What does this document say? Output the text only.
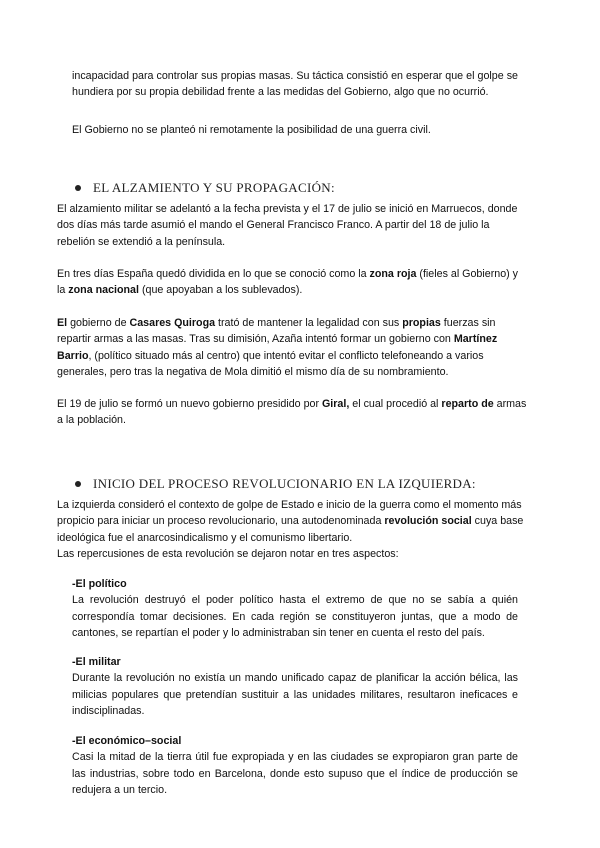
incapacidad para controlar sus propias masas. Su táctica consistió en esperar que el golpe se hundiera por su propia debilidad frente a las medidas del Gobierno, algo que no ocurrió.

El Gobierno no se planteó ni remotamente la posibilidad de una guerra civil.

EL ALZAMIENTO Y SU PROPAGACIÓN:

El alzamiento militar se adelantó a la fecha prevista y el 17 de julio se inició en Marruecos, donde dos días más tarde asumió el mando el General Francisco Franco. A partir del 18 de julio la rebelión se extendió a la península.

En tres días España quedó dividida en lo que se conoció como la zona roja (fieles al Gobierno) y la zona nacional (que apoyaban a los sublevados).

El gobierno de Casares Quiroga trató de mantener la legalidad con sus propias fuerzas sin repartir armas a las masas. Tras su dimisión, Azaña intentó formar un gobierno con Martínez Barrio, (político situado más al centro) que intentó evitar el conflicto telefoneando a varios generales, pero tras la negativa de Mola dimitió el mismo día de su nombramiento.

El 19 de julio se formó un nuevo gobierno presidido por Giral, el cual procedió al reparto de armas a la población.

INICIO DEL PROCESO REVOLUCIONARIO EN LA IZQUIERDA:

La izquierda consideró el contexto de golpe de Estado e inicio de la guerra como el momento más propicio para iniciar un proceso revolucionario, una autodenominada revolución social cuya base ideológica fue el anarcosindicalismo y el comunismo libertario.
Las repercusiones de esta revolución se dejaron notar en tres aspectos:

-El político
La revolución destruyó el poder político hasta el extremo de que no se sabía a quién correspondía tomar decisiones. En cada región se constituyeron juntas, que a modo de cantones, se repartían el poder y lo administraban sin tener en cuenta el resto del país.
-El militar
Durante la revolución no existía un mando unificado capaz de planificar la acción bélica, las milicias populares que pretendían sustituir a las unidades militares, resultaron ineficaces e indisciplinadas.
-El económico–social
Casi la mitad de la tierra útil fue expropiada y en las ciudades se expropiaron gran parte de las industrias, sobre todo en Barcelona, donde esto supuso que el índice de producción se redujera a un tercio.
